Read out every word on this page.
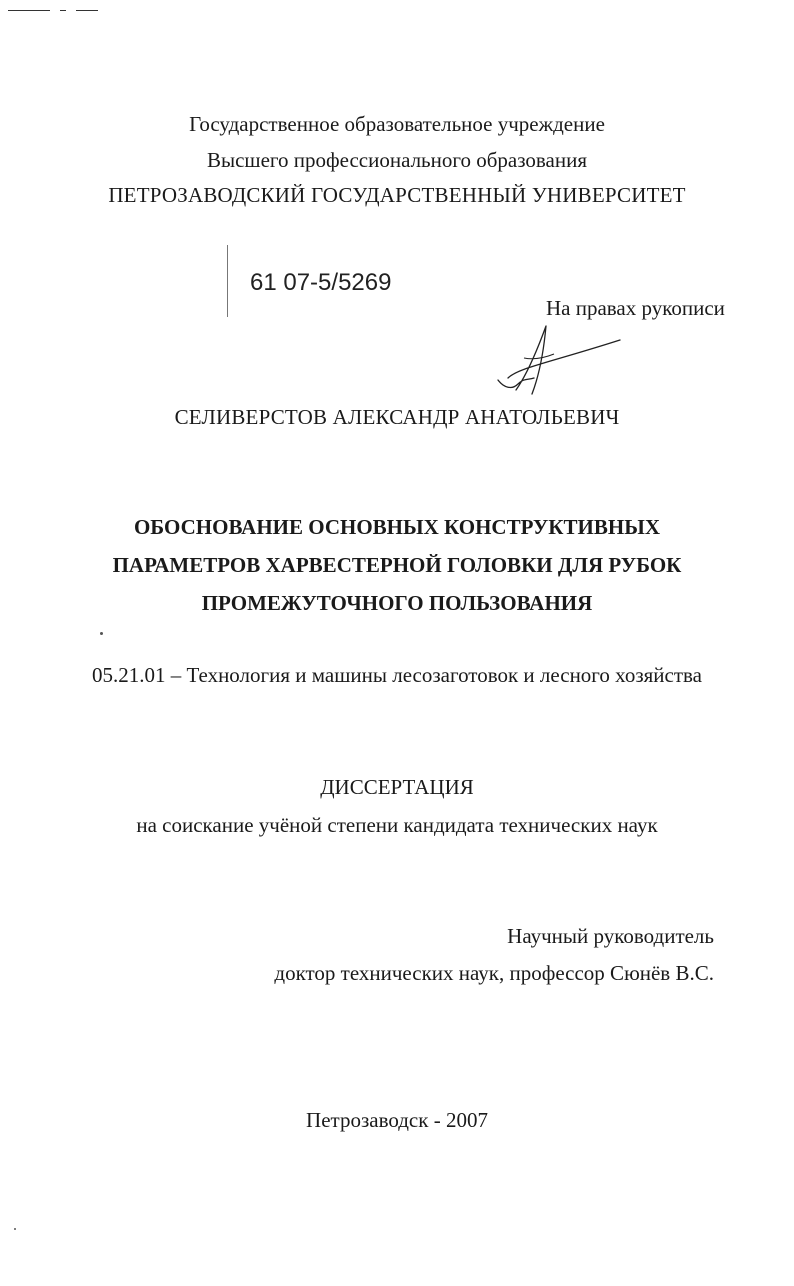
Государственное образовательное учреждение
Высшего профессионального образования
ПЕТРОЗАВОДСКИЙ ГОСУДАРСТВЕННЫЙ УНИВЕРСИТЕТ
61 07-5/5269
На правах рукописи
СЕЛИВЕРСТОВ АЛЕКСАНДР АНАТОЛЬЕВИЧ
ОБОСНОВАНИЕ ОСНОВНЫХ КОНСТРУКТИВНЫХ
ПАРАМЕТРОВ ХАРВЕСТЕРНОЙ ГОЛОВКИ ДЛЯ РУБОК
ПРОМЕЖУТОЧНОГО ПОЛЬЗОВАНИЯ
05.21.01 – Технология и машины лесозаготовок и лесного хозяйства
ДИССЕРТАЦИЯ
на соискание учёной степени кандидата технических наук
Научный руководитель
доктор технических наук, профессор Сюнёв В.С.
Петрозаводск - 2007
